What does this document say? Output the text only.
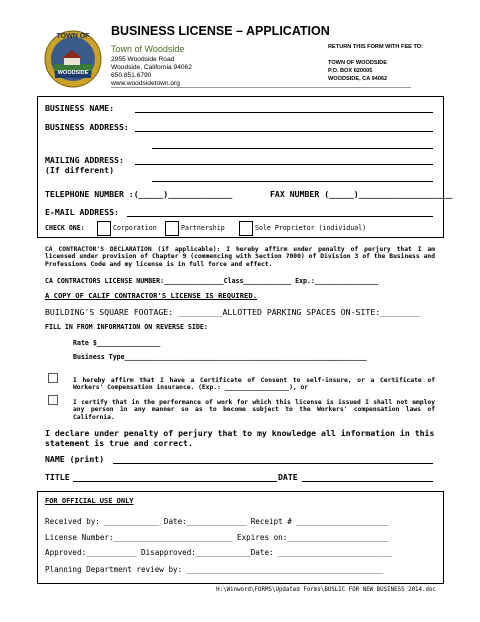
TOWN OF
WOODSIDE
BUSINESS LICENSE – APPLICATION
Town of Woodside
2955 Woodside Road
Woodside, California 94062
650.851.6790
www.woodsidetown.org
RETURN THIS FORM WITH FEE TO:
TOWN OF WOODSIDE
P.O. BOX 620005
WOODSIDE, CA 94062
BUSINESS NAME:
BUSINESS ADDRESS:
MAILING ADDRESS:
(If different)
TELEPHONE NUMBER :(_____)_____________	FAX NUMBER (_____)___________________
E-MAIL ADDRESS:
CHECK ONE:	Corporation	Partnership	Sole Proprietor (individual)
CA CONTRACTOR'S DECLARATION (if applicable): I hereby affirm under penalty of perjury that I am licensed under provision of Chapter 9 (commencing with Section 7000) of Division 3 of the Business and Professions Code and my license is in full force and effect.
CA CONTRACTORS LICENSE NUMBER:_______________Class____________ Exp.:________________
A COPY OF CALIF CONTRACTOR'S LICENSE IS REQUIRED.
BUILDING'S SQUARE FOOTAGE: _________ALLOTTED PARKING SPACES ON-SITE:________
FILL IN FROM INFORMATION ON REVERSE SIDE:
Rate $________________
Business Type_____________________________________________________________
I hereby affirm that I have a Certificate of Consent to self-insure, or a Certificate of Workers' Compensation insurance. (Exp.: _________________), or
I certify that in the performance of work for which this license is issued I shall not employ any person in any manner so as to become subject to the Workers' compensation laws of California.
I declare under penalty of perjury that to my knowledge all information in this statement is true and correct.
NAME (print)
TITLE	DATE
FOR OFFICIAL USE ONLY
Received by: ____________ Date:_____________ Receipt # ____________________
License Number:__________________________ Expires on:______________________
Approved:___________ Disapproved:____________Date: _________________________
Planning Department review by: ___________________________________________
H:\Winword\FORMS\Updated Forms\BUSLIC FOR NEW BUSINESS 2014.doc
